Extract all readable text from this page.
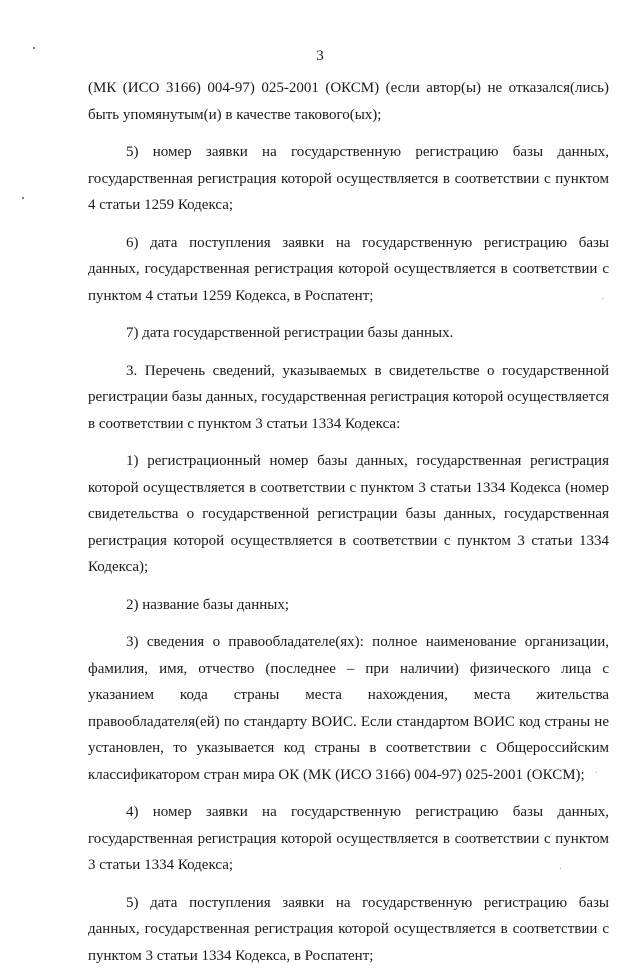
3

(МК (ИСО 3166) 004-97) 025-2001 (ОКСМ) (если автор(ы) не отказался(лись) быть упомянутым(и) в качестве такового(ых);

5) номер заявки на государственную регистрацию базы данных, государственная регистрация которой осуществляется в соответствии с пунктом 4 статьи 1259 Кодекса;

6) дата поступления заявки на государственную регистрацию базы данных, государственная регистрация которой осуществляется в соответствии с пунктом 4 статьи 1259 Кодекса, в Роспатент;

7) дата государственной регистрации базы данных.

3. Перечень сведений, указываемых в свидетельстве о государственной регистрации базы данных, государственная регистрация которой осуществляется в соответствии с пунктом 3 статьи 1334 Кодекса:

1) регистрационный номер базы данных, государственная регистрация которой осуществляется в соответствии с пунктом 3 статьи 1334 Кодекса (номер свидетельства о государственной регистрации базы данных, государственная регистрация которой осуществляется в соответствии с пунктом 3 статьи 1334 Кодекса);

2) название базы данных;

3) сведения о правообладателе(ях): полное наименование организации, фамилия, имя, отчество (последнее – при наличии) физического лица с указанием кода страны места нахождения, места жительства правообладателя(ей) по стандарту ВОИС. Если стандартом ВОИС код страны не установлен, то указывается код страны в соответствии с Общероссийским классификатором стран мира ОК (МК (ИСО 3166) 004-97) 025-2001 (ОКСМ);

4) номер заявки на государственную регистрацию базы данных, государственная регистрация которой осуществляется в соответствии с пунктом 3 статьи 1334 Кодекса;

5) дата поступления заявки на государственную регистрацию базы данных, государственная регистрация которой осуществляется в соответствии с пунктом 3 статьи 1334 Кодекса, в Роспатент;
